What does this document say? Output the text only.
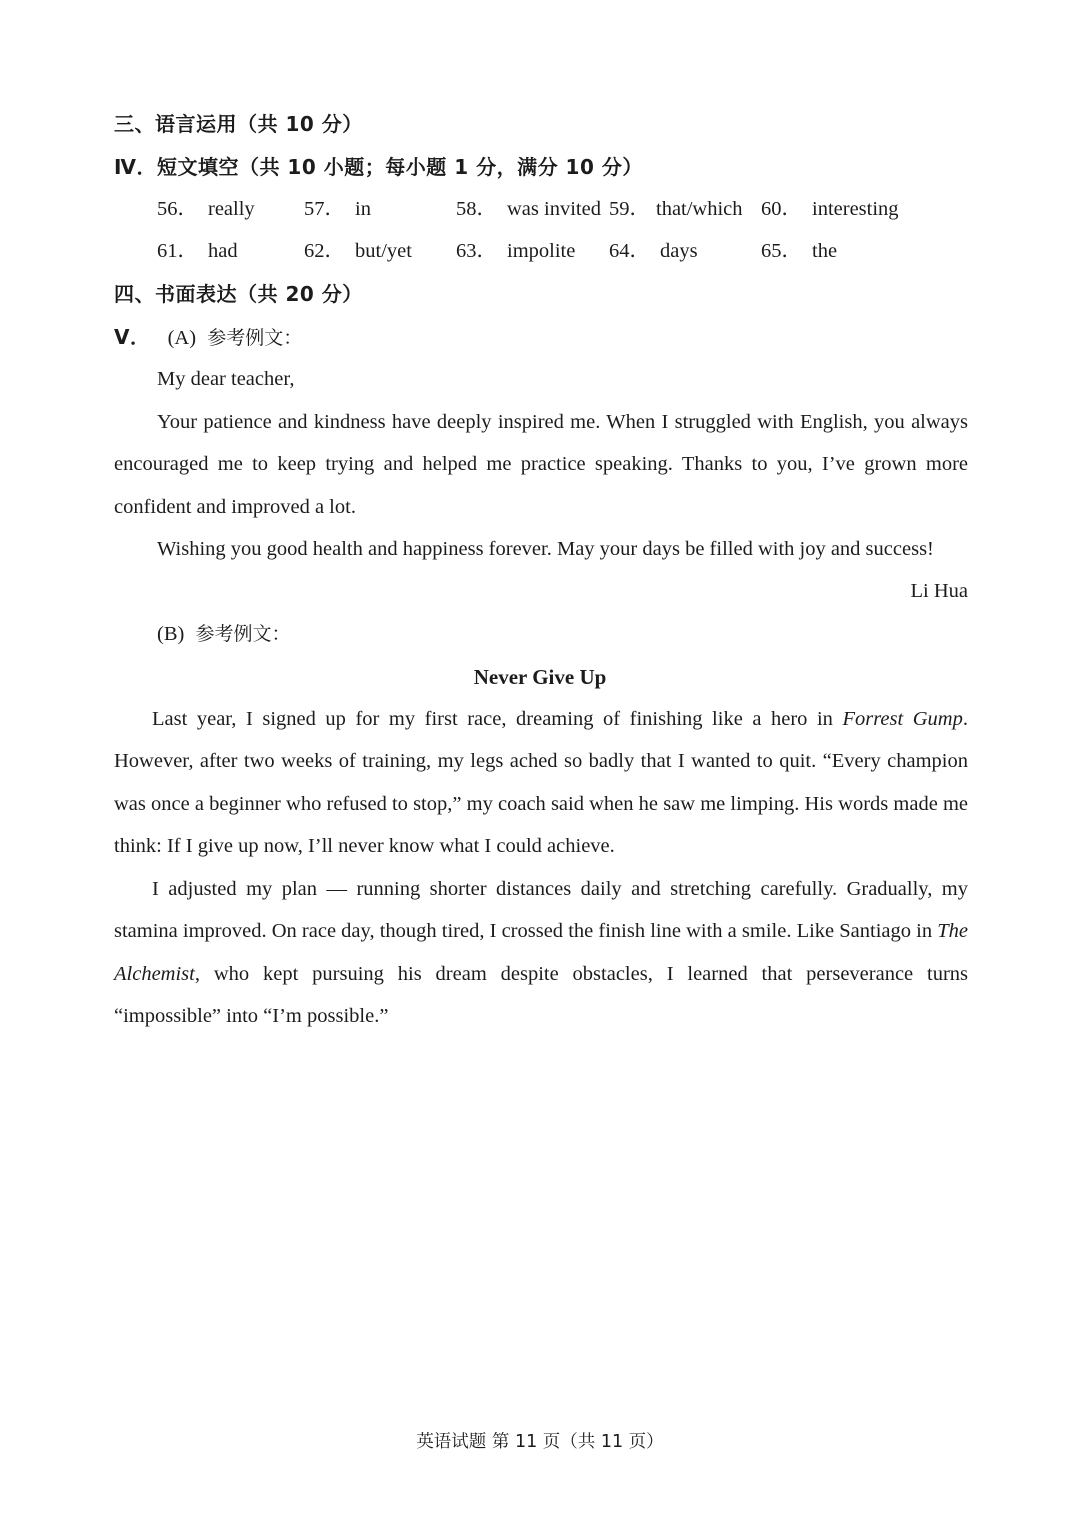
三、语言运用（共 10 分）
Ⅳ．短文填空（共 10 小题；每小题 1 分，满分 10 分）
56． really 57． in	58． was invited 59． that/which 60． interesting
61． had	62． but/yet 63． impolite 64． days	65． the
四、书面表达（共 20 分）
Ⅴ． (A) 参考例文：
My dear teacher,

Your patience and kindness have deeply inspired me. When I struggled with English, you always encouraged me to keep trying and helped me practice speaking. Thanks to you, I’ve grown more confident and improved a lot.

Wishing you good health and happiness forever. May your days be filled with joy and success!
Li Hua
(B) 参考例文：
Never Give Up

Last year, I signed up for my first race, dreaming of finishing like a hero in Forrest Gump. However, after two weeks of training, my legs ached so badly that I wanted to quit. “Every champion was once a beginner who refused to stop,” my coach said when he saw me limping. His words made me think: If I give up now, I’ll never know what I could achieve.

I adjusted my plan — running shorter distances daily and stretching carefully. Gradually, my stamina improved. On race day, though tired, I crossed the finish line with a smile. Like Santiago in The Alchemist, who kept pursuing his dream despite obstacles, I learned that perseverance turns “impossible” into “I’m possible.”

英语试题 第 11 页（共 11 页）
